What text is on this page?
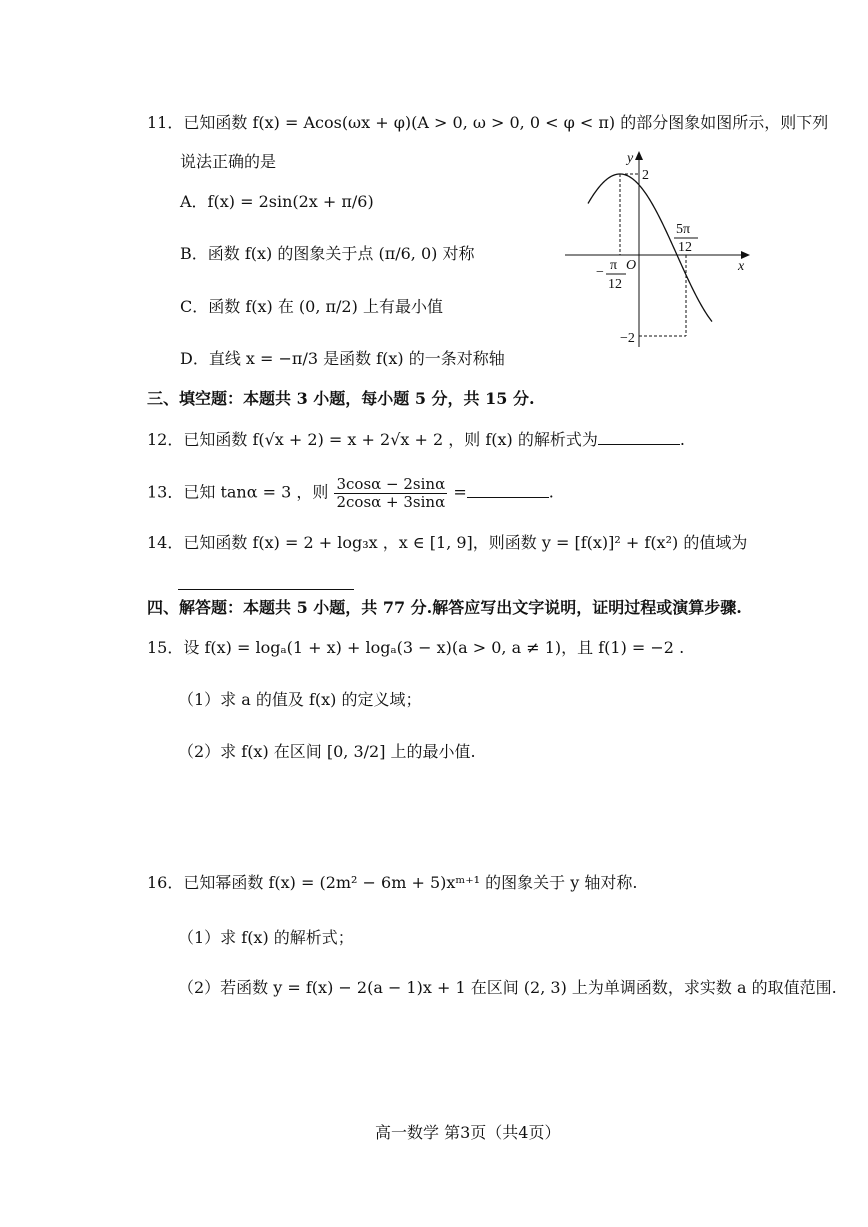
11．已知函数 f(x) = Acos(ωx + φ)(A > 0, ω > 0, 0 < φ < π) 的部分图象如图所示，则下列
说法正确的是
A．f(x) = 2sin(2x + π/6)
B．函数 f(x) 的图象关于点 (π/6, 0) 对称
C．函数 f(x) 在 (0, π/2) 上有最小值
D．直线 x = −π/3 是函数 f(x) 的一条对称轴
y
x
O
2
−2
5π
12
− π
12
三、填空题：本题共 3 小题，每小题 5 分，共 15 分.
12．已知函数 f(√x + 2) = x + 2√x + 2 ，则 f(x) 的解析式为	.
13．已知 tanα = 3 ，则 $\frac{3\cos\alpha - 2\sin\alpha}{2\cos\alpha + 3\sin\alpha}$ =	.
14．已知函数 f(x) = 2 + log₃x ，x ∈ [1, 9]，则函数 y = [f(x)]² + f(x²) 的值域为
四、解答题：本题共 5 小题，共 77 分.解答应写出文字说明，证明过程或演算步骤.
15．设 f(x) = logₐ(1 + x) + logₐ(3 − x)(a > 0, a ≠ 1)，且 f(1) = −2 .
（1）求 a 的值及 f(x) 的定义域；
（2）求 f(x) 在区间 [0, 3/2] 上的最小值.
16．已知幂函数 f(x) = (2m² − 6m + 5)xᵐ⁺¹ 的图象关于 y 轴对称.
（1）求 f(x) 的解析式；
（2）若函数 y = f(x) − 2(a − 1)x + 1 在区间 (2, 3) 上为单调函数，求实数 a 的取值范围.
高一数学 第3页（共4页）
